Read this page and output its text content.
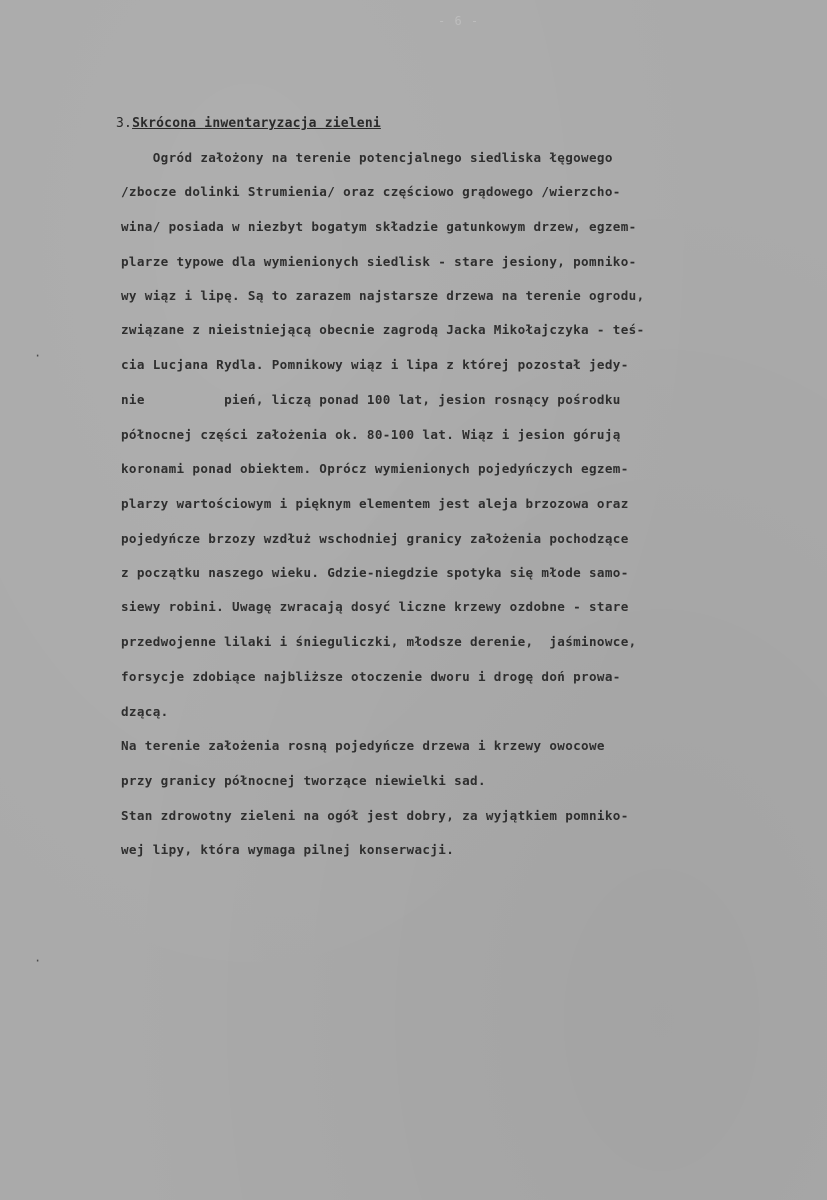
- 6 -
3.Skrócona inwentaryzacja zieleni
Ogród założony na terenie potencjalnego siedliska łęgowego
/zbocze dolinki Strumienia/ oraz częściowo grądowego /wierzcho-
wina/ posiada w niezbyt bogatym składzie gatunkowym drzew, egzem-
plarze typowe dla wymienionych siedlisk - stare jesiony, pomniko-
wy wiąz i lipę. Są to zarazem najstarsze drzewa na terenie ogrodu,
związane z nieistniejącą obecnie zagrodą Jacka Mikołajczyka - teś-
cia Lucjana Rydla. Pomnikowy wiąz i lipa z której pozostał jedy-
nie          pień, liczą ponad 100 lat, jesion rosnący pośrodku
północnej części założenia ok. 80-100 lat. Wiąz i jesion górują
koronami ponad obiektem. Oprócz wymienionych pojedyńczych egzem-
plarzy wartościowym i pięknym elementem jest aleja brzozowa oraz
pojedyńcze brzozy wzdłuż wschodniej granicy założenia pochodzące
z początku naszego wieku. Gdzie-niegdzie spotyka się młode samo-
siewy robini. Uwagę zwracają dosyć liczne krzewy ozdobne - stare
przedwojenne lilaki i śnieguliczki, młodsze derenie,  jaśminowce,
forsycje zdobiące najbliższe otoczenie dworu i drogę doń prowa-
dzącą.
Na terenie założenia rosną pojedyńcze drzewa i krzewy owocowe
przy granicy północnej tworzące niewielki sad.
Stan zdrowotny zieleni na ogół jest dobry, za wyjątkiem pomniko-
wej lipy, która wymaga pilnej konserwacji.
·
·
